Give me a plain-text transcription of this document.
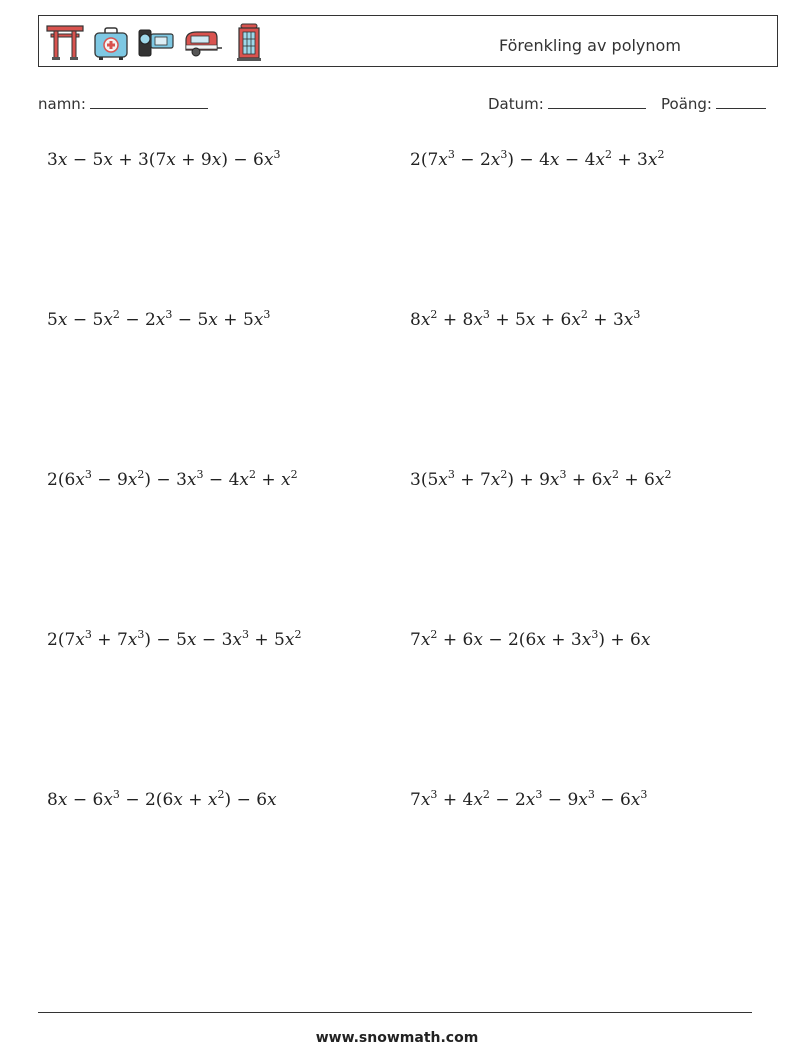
Förenkling av polynom
namn:	Datum:	Poäng:
$3x - 5x + 3(7x + 9x) - 6x^3$	$2(7x^3 - 2x^3) - 4x - 4x^2 + 3x^2$
$5x - 5x^2 - 2x^3 - 5x + 5x^3$	$8x^2 + 8x^3 + 5x + 6x^2 + 3x^3$
$2(6x^3 - 9x^2) - 3x^3 - 4x^2 + x^2$	$3(5x^3 + 7x^2) + 9x^3 + 6x^2 + 6x^2$
$2(7x^3 + 7x^3) - 5x - 3x^3 + 5x^2$	$7x^2 + 6x - 2(6x + 3x^3) + 6x$
$8x - 6x^3 - 2(6x + x^2) - 6x$	$7x^3 + 4x^2 - 2x^3 - 9x^3 - 6x^3$
www.snowmath.com
